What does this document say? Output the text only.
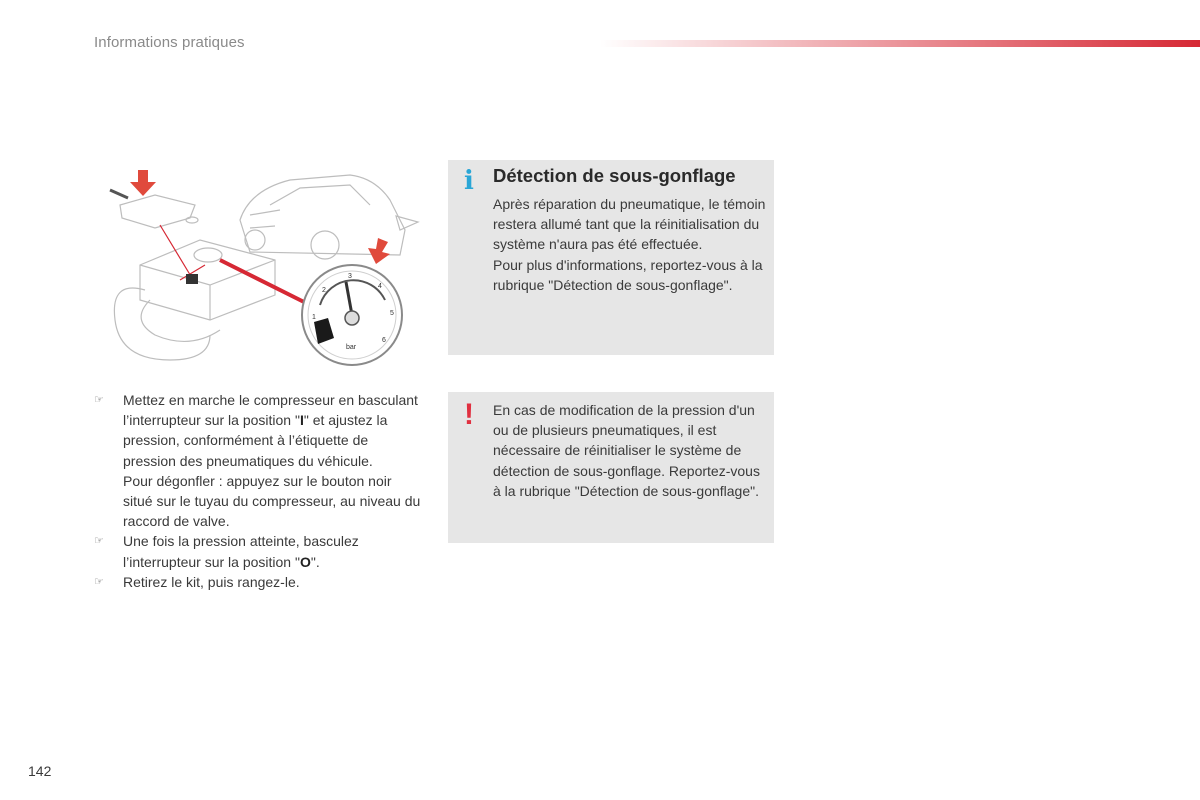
Informations pratiques
1
2
3
4
5
6
bar
☞ Mettez en marche le compresseur en basculant l’interrupteur sur la position "I" et ajustez la pression, conformément à l’étiquette de pression des pneumatiques du véhicule.
Pour dégonfler : appuyez sur le bouton noir situé sur le tuyau du compresseur, au niveau du raccord de valve.
☞ Une fois la pression atteinte, basculez l’interrupteur sur la position "O".
☞ Retirez le kit, puis rangez-le.
i Détection de sous-gonflage
Après réparation du pneumatique, le témoin restera allumé tant que la réinitialisation du système n'aura pas été effectuée.
Pour plus d'informations, reportez-vous à la rubrique "Détection de sous-gonflage".
! En cas de modification de la pression d'un ou de plusieurs pneumatiques, il est nécessaire de réinitialiser le système de détection de sous-gonflage. Reportez-vous à la rubrique "Détection de sous-gonflage".
142
